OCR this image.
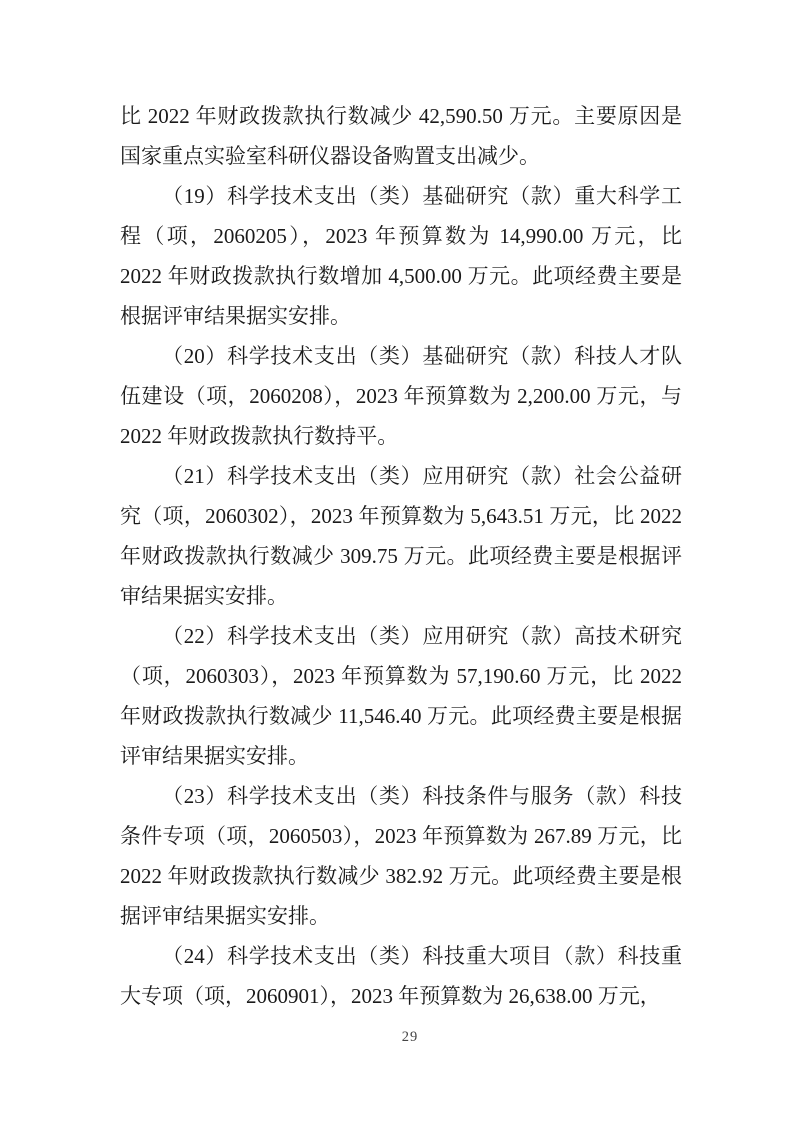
比 2022 年财政拨款执行数减少 42,590.50 万元。主要原因是国家重点实验室科研仪器设备购置支出减少。

（19）科学技术支出（类）基础研究（款）重大科学工程（项，2060205），2023 年预算数为 14,990.00 万元，比 2022 年财政拨款执行数增加 4,500.00 万元。此项经费主要是根据评审结果据实安排。

（20）科学技术支出（类）基础研究（款）科技人才队伍建设（项，2060208），2023 年预算数为 2,200.00 万元，与 2022 年财政拨款执行数持平。

（21）科学技术支出（类）应用研究（款）社会公益研究（项，2060302），2023 年预算数为 5,643.51 万元，比 2022 年财政拨款执行数减少 309.75 万元。此项经费主要是根据评审结果据实安排。

（22）科学技术支出（类）应用研究（款）高技术研究（项，2060303），2023 年预算数为 57,190.60 万元，比 2022 年财政拨款执行数减少 11,546.40 万元。此项经费主要是根据评审结果据实安排。

（23）科学技术支出（类）科技条件与服务（款）科技条件专项（项，2060503），2023 年预算数为 267.89 万元，比 2022 年财政拨款执行数减少 382.92 万元。此项经费主要是根据评审结果据实安排。

（24）科学技术支出（类）科技重大项目（款）科技重大专项（项，2060901），2023 年预算数为 26,638.00 万元，

29
